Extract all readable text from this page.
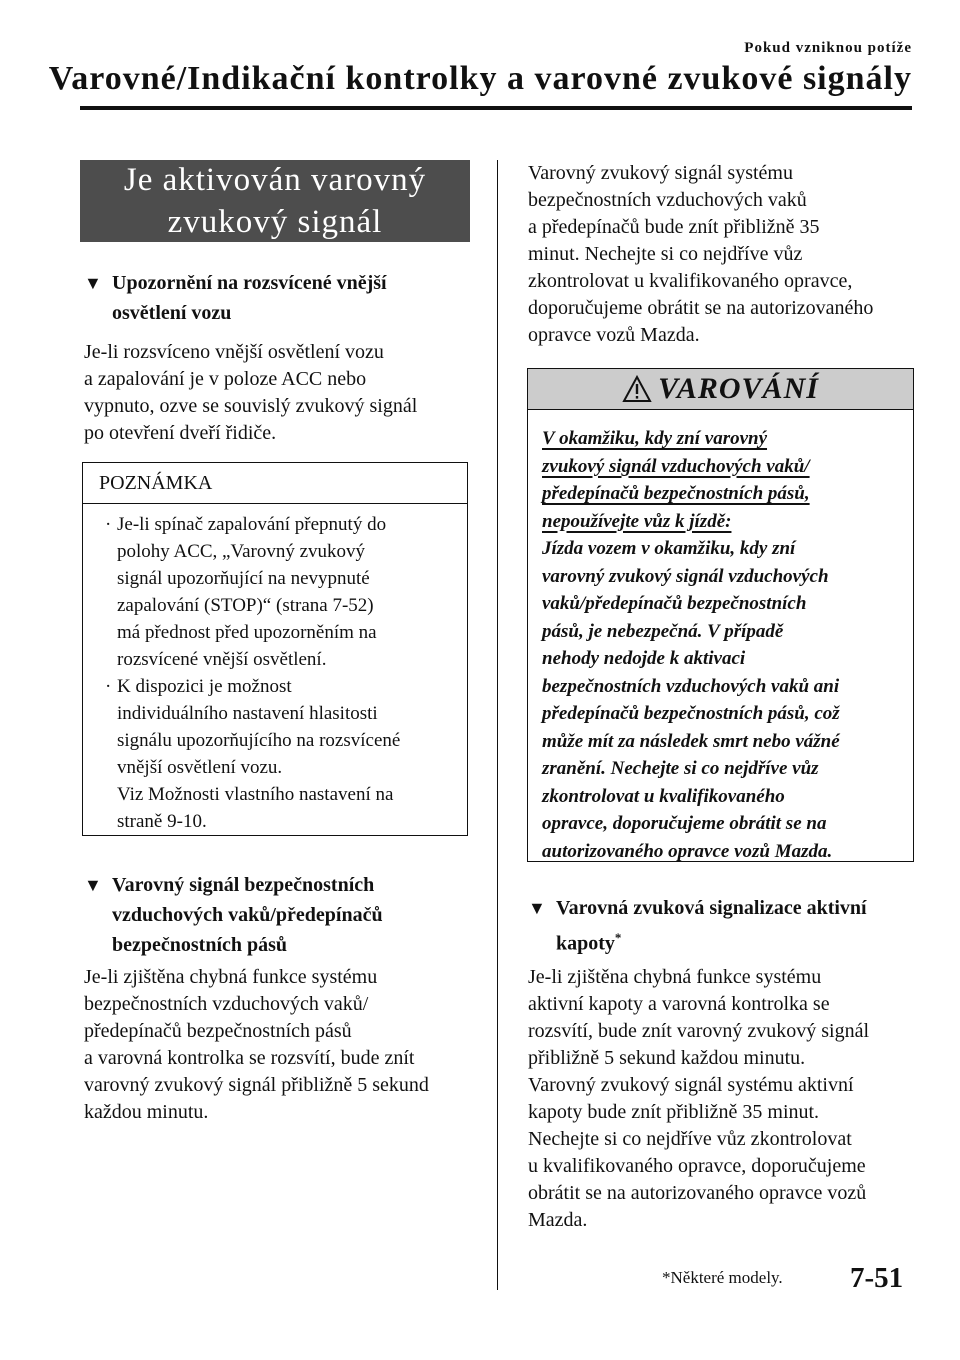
Pokud vzniknou potíže
Varovné/Indikační kontrolky a varovné zvukové signály
Je aktivován varovný
zvukový signál
▼ Upozornění na rozsvícené vnější
osvětlení vozu
Je-li rozsvíceno vnější osvětlení vozu
a zapalování je v poloze ACC nebo
vypnuto, ozve se souvislý zvukový signál
po otevření dveří řidiče.
POZNÁMKA
· Je-li spínač zapalování přepnutý do
polohy ACC, „Varovný zvukový
signál upozorňující na nevypnuté
zapalování (STOP)“ (strana 7-52)
má přednost před upozorněním na
rozsvícené vnější osvětlení.
· K dispozici je možnost
individuálního nastavení hlasitosti
signálu upozorňujícího na rozsvícené
vnější osvětlení vozu.
Viz Možnosti vlastního nastavení na
straně 9-10.
▼ Varovný signál bezpečnostních
vzduchových vaků/předepínačů
bezpečnostních pásů
Je-li zjištěna chybná funkce systému
bezpečnostních vzduchových vaků/
předepínačů bezpečnostních pásů
a varovná kontrolka se rozsvítí, bude znít
varovný zvukový signál přibližně 5 sekund
každou minutu.
Varovný zvukový signál systému
bezpečnostních vzduchových vaků
a předepínačů bude znít přibližně 35
minut. Nechejte si co nejdříve vůz
zkontrolovat u kvalifikovaného opravce,
doporučujeme obrátit se na autorizovaného
opravce vozů Mazda.
VAROVÁNÍ
V okamžiku, kdy zní varovný
zvukový signál vzduchových vaků/
předepínačů bezpečnostních pásů,
nepoužívejte vůz k jízdě:
Jízda vozem v okamžiku, kdy zní
varovný zvukový signál vzduchových
vaků/předepínačů bezpečnostních
pásů, je nebezpečná. V případě
nehody nedojde k aktivaci
bezpečnostních vzduchových vaků ani
předepínačů bezpečnostních pásů, což
může mít za následek smrt nebo vážné
zranění. Nechejte si co nejdříve vůz
zkontrolovat u kvalifikovaného
opravce, doporučujeme obrátit se na
autorizovaného opravce vozů Mazda.
▼ Varovná zvuková signalizace aktivní
kapoty*
Je-li zjištěna chybná funkce systému
aktivní kapoty a varovná kontrolka se
rozsvítí, bude znít varovný zvukový signál
přibližně 5 sekund každou minutu.
Varovný zvukový signál systému aktivní
kapoty bude znít přibližně 35 minut.
Nechejte si co nejdříve vůz zkontrolovat
u kvalifikovaného opravce, doporučujeme
obrátit se na autorizovaného opravce vozů
Mazda.
*Některé modely. 7-51
